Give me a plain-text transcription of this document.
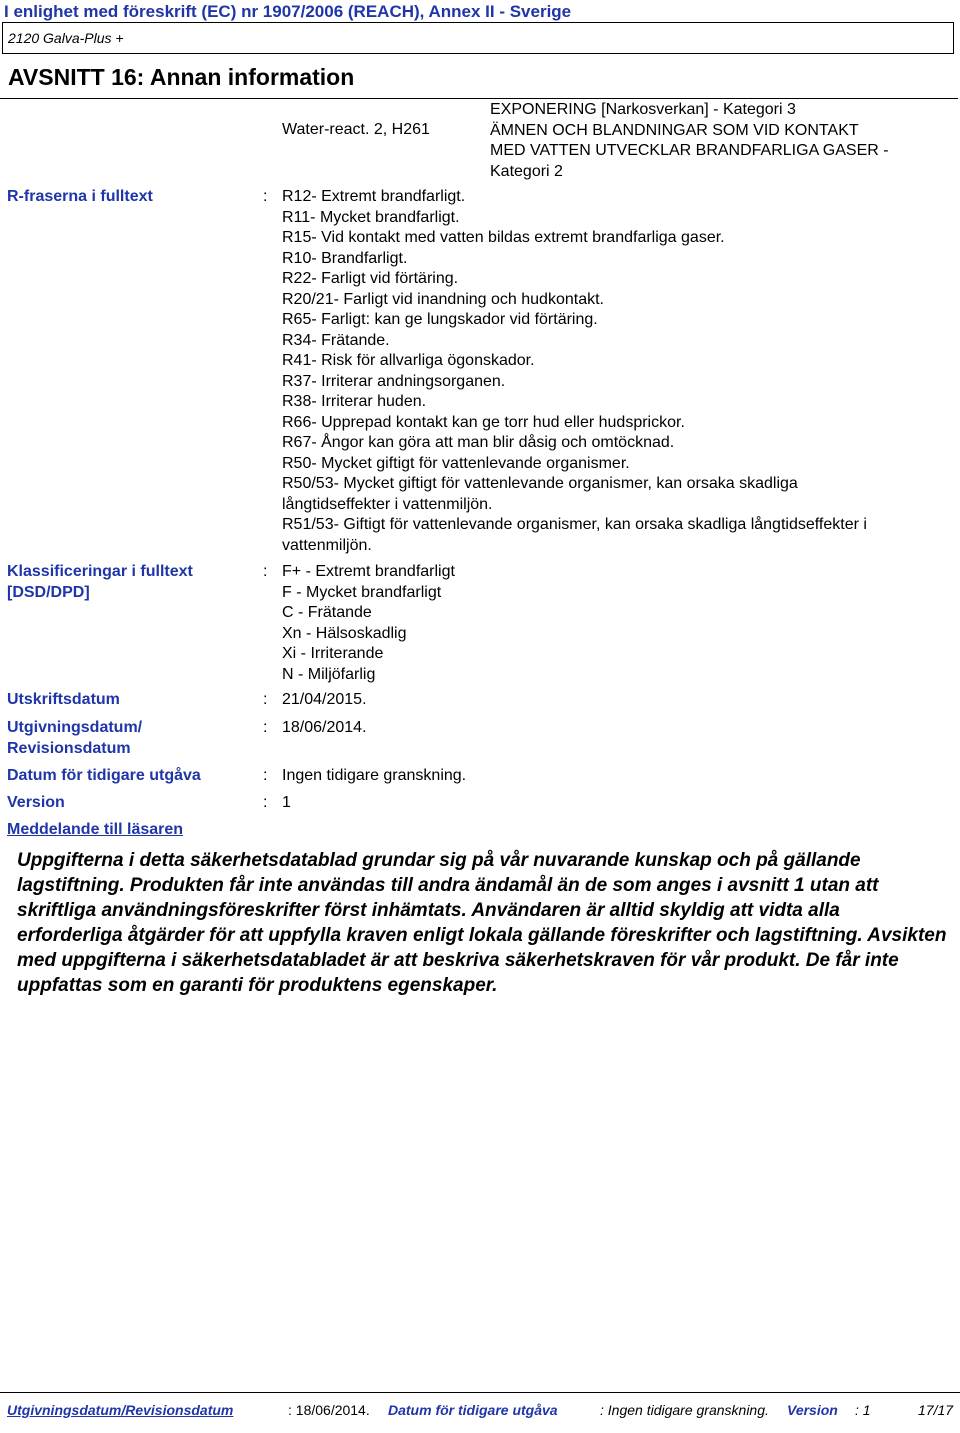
I enlighet med föreskrift (EC) nr 1907/2006 (REACH), Annex II - Sverige
2120 Galva-Plus +
AVSNITT 16: Annan information
Water-react. 2, H261
EXPONERING [Narkosverkan] - Kategori 3
ÄMNEN OCH BLANDNINGAR SOM VID KONTAKT
MED VATTEN UTVECKLAR BRANDFARLIGA GASER -
Kategori 2
R-fraserna i fulltext	: R12- Extremt brandfarligt.
R11- Mycket brandfarligt.
R15- Vid kontakt med vatten bildas extremt brandfarliga gaser.
R10- Brandfarligt.
R22- Farligt vid förtäring.
R20/21- Farligt vid inandning och hudkontakt.
R65- Farligt: kan ge lungskador vid förtäring.
R34- Frätande.
R41- Risk för allvarliga ögonskador.
R37- Irriterar andningsorganen.
R38- Irriterar huden.
R66- Upprepad kontakt kan ge torr hud eller hudsprickor.
R67- Ångor kan göra att man blir dåsig och omtöcknad.
R50- Mycket giftigt för vattenlevande organismer.
R50/53- Mycket giftigt för vattenlevande organismer, kan orsaka skadliga
långtidseffekter i vattenmiljön.
R51/53- Giftigt för vattenlevande organismer, kan orsaka skadliga långtidseffekter i
vattenmiljön.
Klassificeringar i fulltext
[DSD/DPD]
: F+ - Extremt brandfarligt
F - Mycket brandfarligt
C - Frätande
Xn - Hälsoskadlig
Xi - Irriterande
N - Miljöfarlig
Utskriftsdatum	: 21/04/2015.
Utgivningsdatum/
Revisionsdatum
: 18/06/2014.
Datum för tidigare utgåva	: Ingen tidigare granskning.
Version	: 1
Meddelande till läsaren
Uppgifterna i detta säkerhetsdatablad grundar sig på vår nuvarande kunskap och på gällande lagstiftning. Produkten får inte användas till andra ändamål än de som anges i avsnitt 1 utan att skriftliga användningsföreskrifter först inhämtats. Användaren är alltid skyldig att vidta alla erforderliga åtgärder för att uppfylla kraven enligt lokala gällande föreskrifter och lagstiftning. Avsikten med uppgifterna i säkerhetsdatabladet är att beskriva säkerhetskraven för vår produkt. De får inte uppfattas som en garanti för produktens egenskaper.
Utgivningsdatum/Revisionsdatum	: 18/06/2014. Datum för tidigare utgåva	: Ingen tidigare granskning. Version : 1	17/17
